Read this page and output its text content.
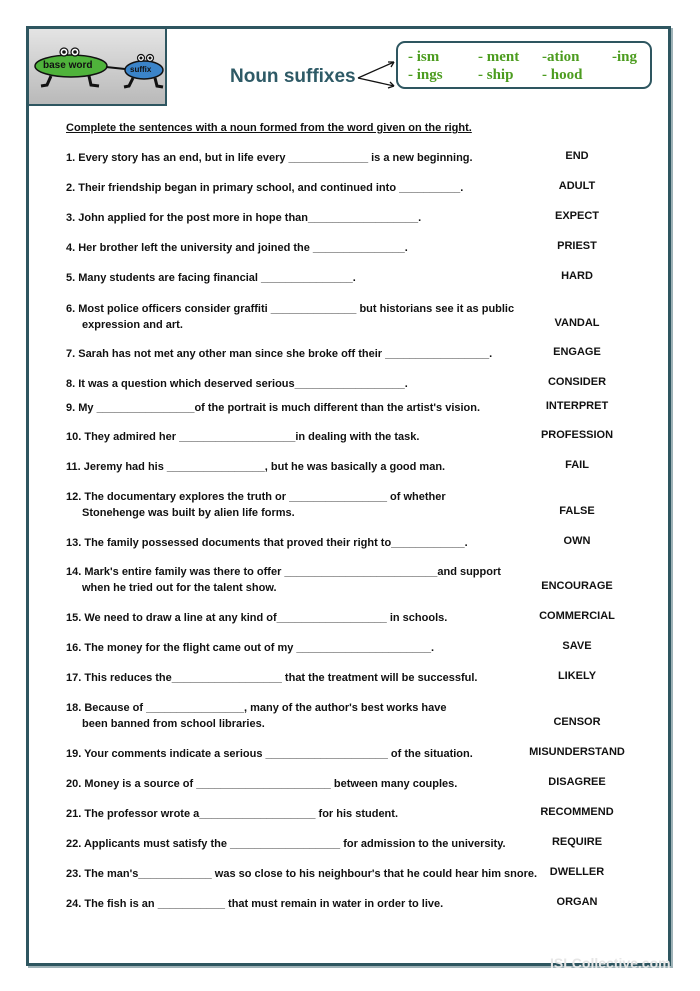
base word	suffix	Noun suffixes
- ism	- ment -ation -ing
- ings - ship - hood
Complete the sentences with a noun formed from the word given on the right.
1. Every story has an end, but in life every _____________ is a new beginning.	END
2. Their friendship began in primary school, and continued into __________.	ADULT
3. John applied for the post more in hope than__________________.	EXPECT
4. Her brother left the university and joined the _______________.	PRIEST
5. Many students are facing financial _______________.	HARD
6. Most police officers consider graffiti ______________ but historians see it as public
expression and art.	VANDAL
7. Sarah has not met any other man since she broke off their _________________.	ENGAGE
8. It was a question which deserved serious__________________.	CONSIDER
9. My ________________of the portrait is much different than the artist's vision.	INTERPRET
10. They admired her ___________________in dealing with the task.	PROFESSION
11. Jeremy had his ________________, but he was basically a good man.	FAIL
12. The documentary explores the truth or ________________ of whether
Stonehenge was built by alien life forms.	FALSE
13. The family possessed documents that proved their right to____________.	OWN
14. Mark's entire family was there to offer _________________________and support
when he tried out for the talent show.	ENCOURAGE
15. We need to draw a line at any kind of__________________ in schools.	COMMERCIAL
16. The money for the flight came out of my ______________________.	SAVE
17. This reduces the__________________ that the treatment will be successful.	LIKELY
18. Because of ________________, many of the author's best works have
been banned from school libraries.	CENSOR
19. Your comments indicate a serious ____________________ of the situation.	MISUNDERSTAND
20. Money is a source of ______________________ between many couples.	DISAGREE
21. The professor wrote a___________________ for his student.	RECOMMEND
22. Applicants must satisfy the __________________ for admission to the university.	REQUIRE
23. The man's____________ was so close to his neighbour's that he could hear him snore.	DWELLER
24. The fish is an ___________ that must remain in water in order to live.	ORGAN
ISLCollective.com
